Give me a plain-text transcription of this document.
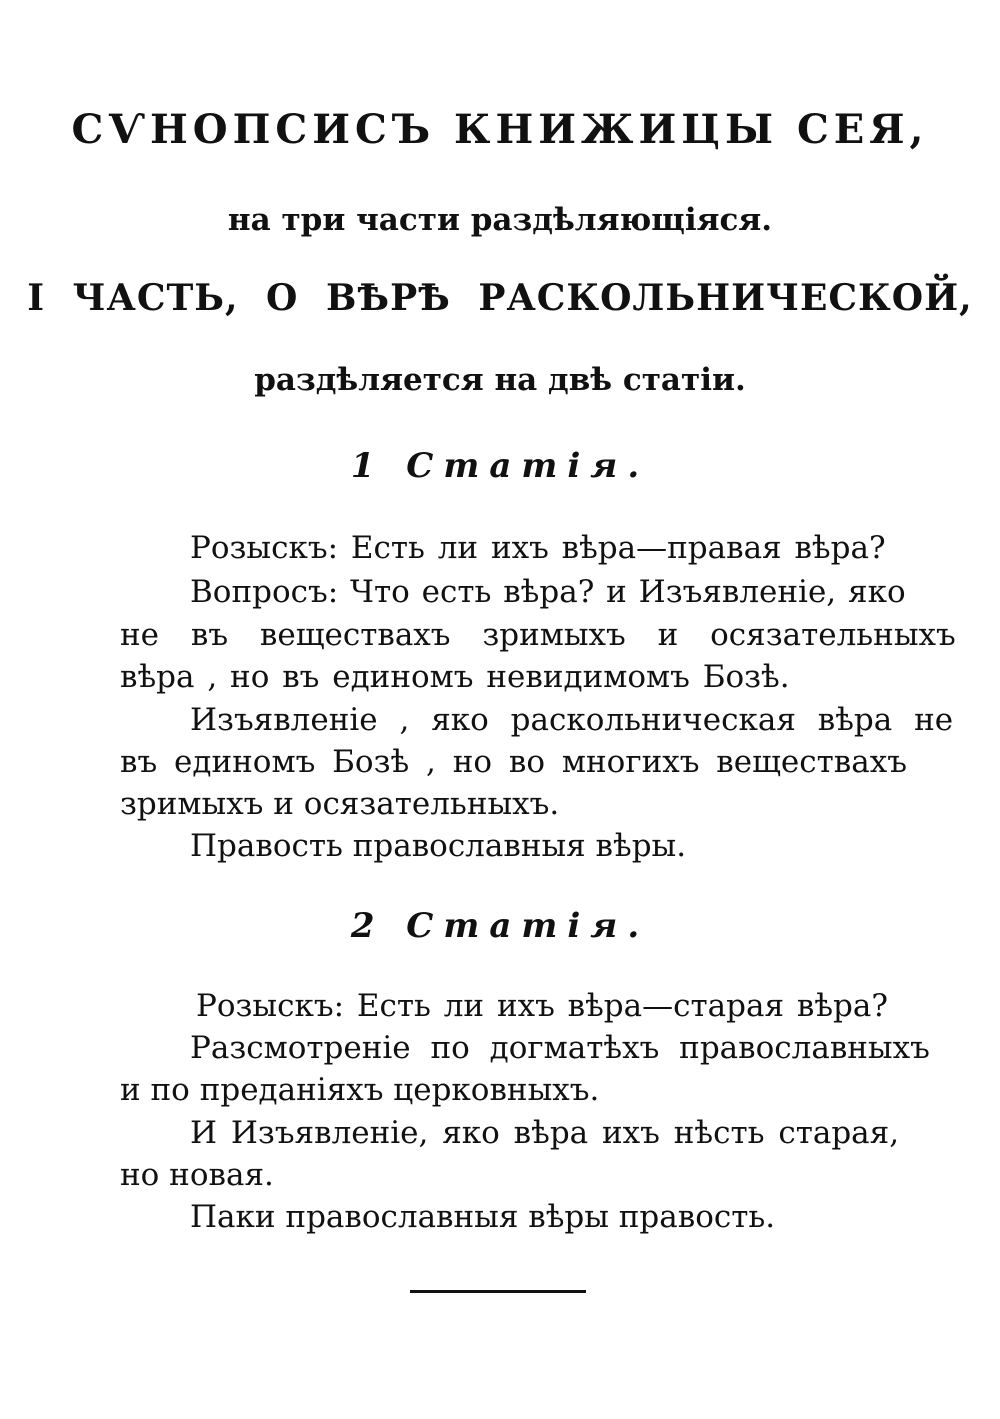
СѴНОПСИСЪ КНИЖИЦЫ СЕЯ,
на три части раздѣляющіяся.
I ЧАСТЬ, О ВѢРѢ РАСКОЛЬНИЧЕСКОЙ,
раздѣляется на двѣ статіи.
1 Статія.
Розыскъ: Есть ли ихъ вѣра—правая вѣра?
Вопросъ: Что есть вѣра? и Изъявленіе, яко
не въ веществахъ зримыхъ и осязательныхъ
вѣра , но въ единомъ невидимомъ Бозѣ.
Изъявленіе , яко раскольническая вѣра не
въ единомъ Бозѣ , но во многихъ веществахъ
зримыхъ и осязательныхъ.
Правость православныя вѣры.
2 Статія.
Розыскъ: Есть ли ихъ вѣра—старая вѣра?
Разсмотреніе по догматѣхъ православныхъ
и по преданіяхъ церковныхъ.
И Изъявленіе, яко вѣра ихъ нѣсть старая,
но новая.
Паки православныя вѣры правость.
